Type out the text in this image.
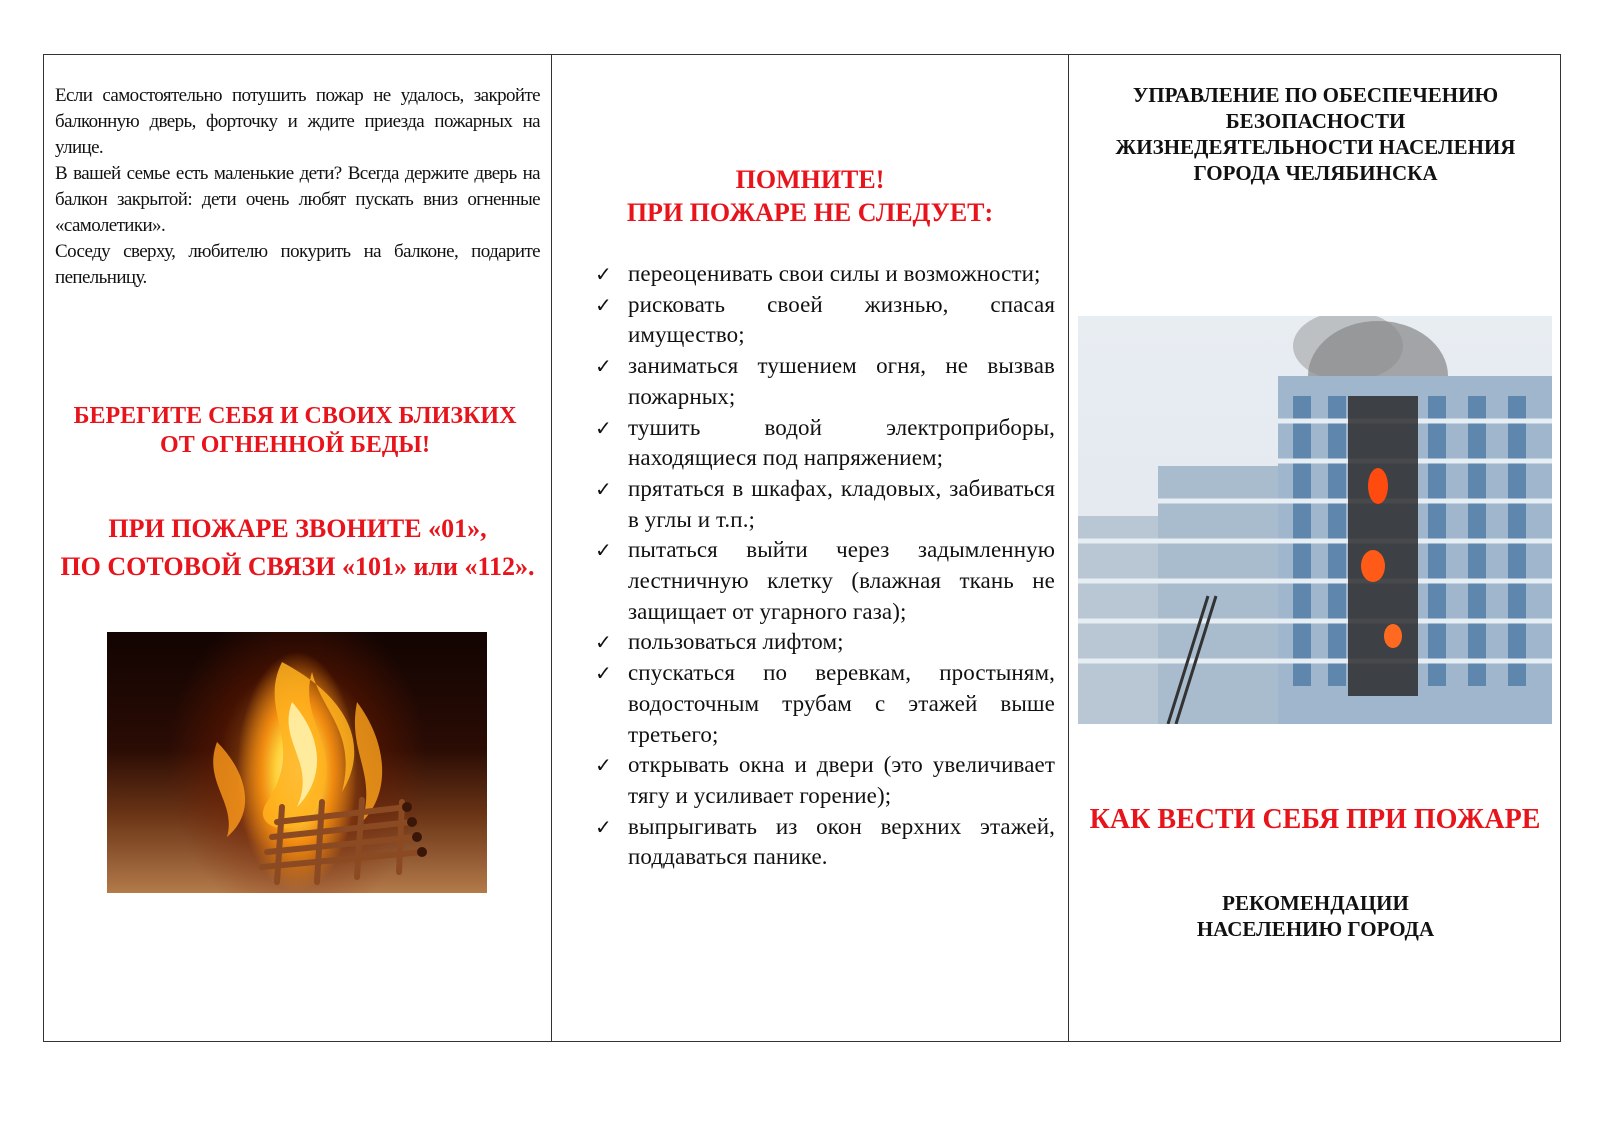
Если самостоятельно потушить пожар не удалось, закройте балконную дверь, форточку и ждите приезда пожарных на улице.
В вашей семье есть маленькие дети? Всегда держите дверь на балкон закрытой: дети очень любят пускать вниз огненные «самолетики».
Соседу сверху, любителю покурить на балконе, подарите пепельницу.
БЕРЕГИТЕ СЕБЯ И СВОИХ БЛИЗКИХ
ОТ ОГНЕННОЙ БЕДЫ!
ПРИ ПОЖАРЕ ЗВОНИТЕ «01»,
ПО СОТОВОЙ СВЯЗИ «101» или «112».
ПОМНИТЕ!
ПРИ ПОЖАРЕ НЕ СЛЕДУЕТ:
✓ переоценивать свои силы и возможности;
✓ рисковать своей жизнью, спасая имущество;
✓ заниматься тушением огня, не вызвав пожарных;
✓ тушить водой электроприборы, находящиеся под напряжением;
✓ прятаться в шкафах, кладовых, забиваться в углы и т.п.;
✓ пытаться выйти через задымленную лестничную клетку (влажная ткань не защищает от угарного газа);
✓ пользоваться лифтом;
✓ спускаться по веревкам, простыням, водосточным трубам с этажей выше третьего;
✓ открывать окна и двери (это увеличивает тягу и усиливает горение);
✓ выпрыгивать из окон верхних этажей, поддаваться панике.
УПРАВЛЕНИЕ ПО ОБЕСПЕЧЕНИЮ
БЕЗОПАСНОСТИ
ЖИЗНЕДЕЯТЕЛЬНОСТИ НАСЕЛЕНИЯ
ГОРОДА ЧЕЛЯБИНСКА
КАК ВЕСТИ СЕБЯ ПРИ ПОЖАРЕ
РЕКОМЕНДАЦИИ
НАСЕЛЕНИЮ ГОРОДА
